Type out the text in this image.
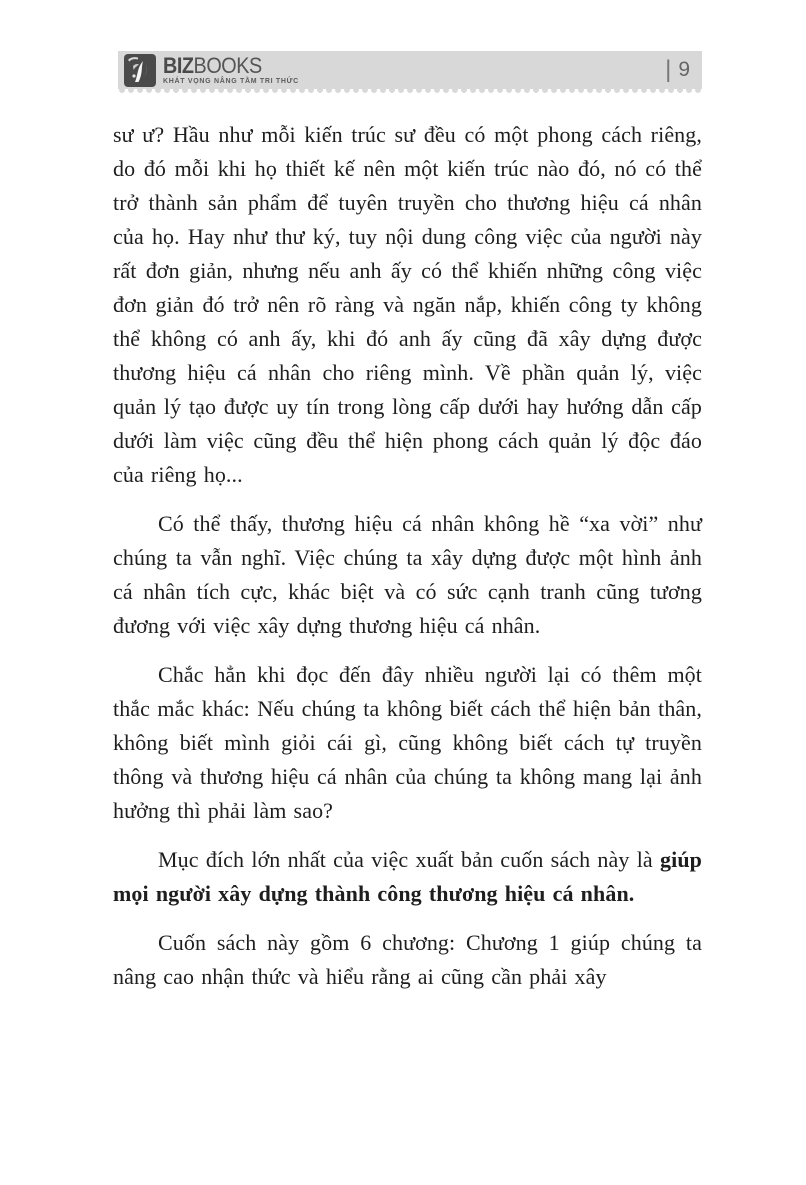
BIZBOOKS
KHÁT VỌNG NÂNG TẦM TRI THỨC	| 9

sư ư? Hầu như mỗi kiến trúc sư đều có một phong cách riêng, do đó mỗi khi họ thiết kế nên một kiến trúc nào đó, nó có thể trở thành sản phẩm để tuyên truyền cho thương hiệu cá nhân của họ. Hay như thư ký, tuy nội dung công việc của người này rất đơn giản, nhưng nếu anh ấy có thể khiến những công việc đơn giản đó trở nên rõ ràng và ngăn nắp, khiến công ty không thể không có anh ấy, khi đó anh ấy cũng đã xây dựng được thương hiệu cá nhân cho riêng mình. Về phần quản lý, việc quản lý tạo được uy tín trong lòng cấp dưới hay hướng dẫn cấp dưới làm việc cũng đều thể hiện phong cách quản lý độc đáo của riêng họ...

Có thể thấy, thương hiệu cá nhân không hề “xa vời” như chúng ta vẫn nghĩ. Việc chúng ta xây dựng được một hình ảnh cá nhân tích cực, khác biệt và có sức cạnh tranh cũng tương đương với việc xây dựng thương hiệu cá nhân.

Chắc hẳn khi đọc đến đây nhiều người lại có thêm một thắc mắc khác: Nếu chúng ta không biết cách thể hiện bản thân, không biết mình giỏi cái gì, cũng không biết cách tự truyền thông và thương hiệu cá nhân của chúng ta không mang lại ảnh hưởng thì phải làm sao?

Mục đích lớn nhất của việc xuất bản cuốn sách này là giúp mọi người xây dựng thành công thương hiệu cá nhân.

Cuốn sách này gồm 6 chương: Chương 1 giúp chúng ta nâng cao nhận thức và hiểu rằng ai cũng cần phải xây
